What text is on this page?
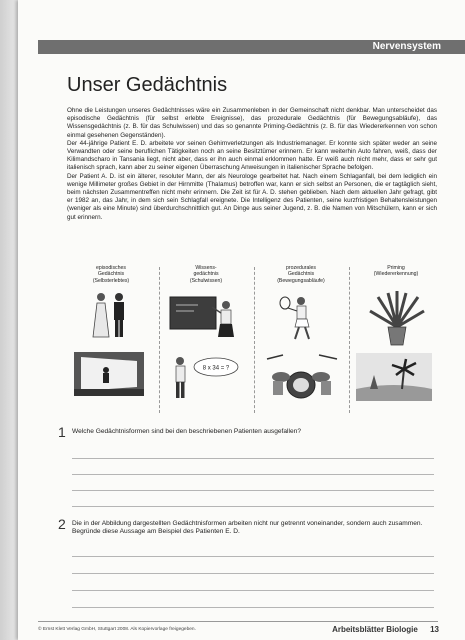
Nervensystem
Unser Gedächtnis

Ohne die Leistungen unseres Gedächtnisses wäre ein Zusammenleben in der Gemeinschaft nicht denkbar. Man unterscheidet das episodische Gedächtnis (für selbst erlebte Ereignisse), das prozedurale Gedächtnis (für Bewegungsabläufe), das Wissensgedächtnis (z. B. für das Schulwissen) und das so genannte Priming-Gedächtnis (z. B. für das Wiedererkennen von schon einmal gesehenen Gegenständen).

Der 44-jährige Patient E. D. arbeitete vor seinen Gehirnverletzungen als Industriemanager. Er konnte sich später weder an seine Verwandten oder seine beruflichen Tätigkeiten noch an seine Besitztümer erinnern. Er kann weiterhin Auto fahren, weiß, dass der Kilimandscharo in Tansania liegt, nicht aber, dass er ihn auch einmal erklommen hatte. Er weiß auch nicht mehr, dass er sehr gut italienisch sprach, kann aber zu seiner eigenen Überraschung Anweisungen in italienischer Sprache befolgen.

Der Patient A. D. ist ein älterer, resoluter Mann, der als Neurologe gearbeitet hat. Nach einem Schlaganfall, bei dem lediglich ein wenige Millimeter großes Gebiet in der Hirnmitte (Thalamus) betroffen war, kann er sich selbst an Personen, die er tagtäglich sieht, beim nächsten Zusammentreffen nicht mehr erinnern. Die Zeit ist für A. D. stehen geblieben. Nach dem aktuellen Jahr gefragt, gibt er 1982 an, das Jahr, in dem sich sein Schlagfall ereignete. Die Intelligenz des Patienten, seine kurzfristigen Behaltensleistungen (weniger als eine Minute) sind überdurchschnittlich gut. An Dinge aus seiner Jugend, z. B. die Namen von Mitschülern, kann er sich gut erinnern.

episodisches
Gedächtnis
(Selbsterlebtes)
Wissens-
gedächtnis
(Schulwissen)
8 x 34 = ?
prozedurales
Gedächtnis
(Bewegungsabläufe)
Priming
(Wiedererkennung)
1 Welche Gedächtnisformen sind bei den beschriebenen Patienten ausgefallen?
2 Die in der Abbildung dargestellten Gedächtnisformen arbeiten nicht nur getrennt voneinander, sondern auch zusammen. Begründe diese Aussage am Beispiel des Patienten E. D.
© Ernst Klett Verlag GmbH, Stuttgart 2008. Als Kopiervorlage freigegeben.	Arbeitsblätter Biologie 13
